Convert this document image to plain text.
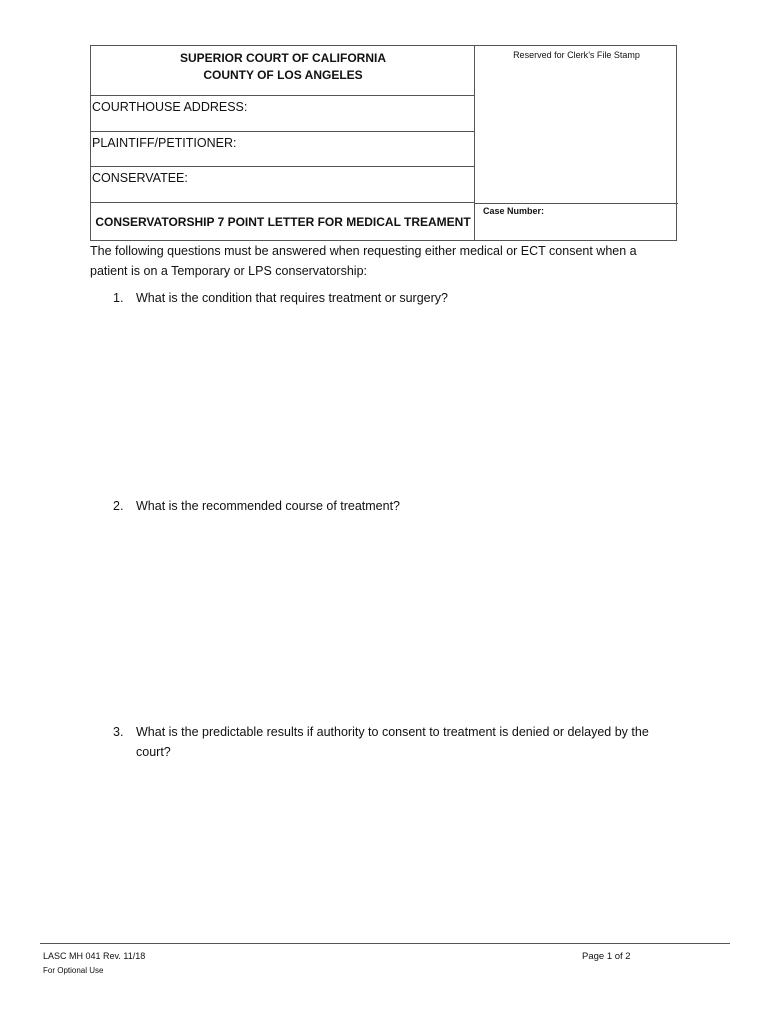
SUPERIOR COURT OF CALIFORNIA
COUNTY OF LOS ANGELES
COURTHOUSE ADDRESS:
PLAINTIFF/PETITIONER:
CONSERVATEE:
CONSERVATORSHIP 7 POINT LETTER FOR MEDICAL TREAMENT
Reserved for Clerk’s File Stamp
Case Number:
The following questions must be answered when requesting either medical or ECT consent when a patient is on a Temporary or LPS conservatorship:
1.	What is the condition that requires treatment or surgery?
2.	What is the recommended course of treatment?
3.	What is the predictable results if authority to consent to treatment is denied or delayed by the court?
LASC MH 041 Rev. 11/18
For Optional Use
Page 1 of 2
